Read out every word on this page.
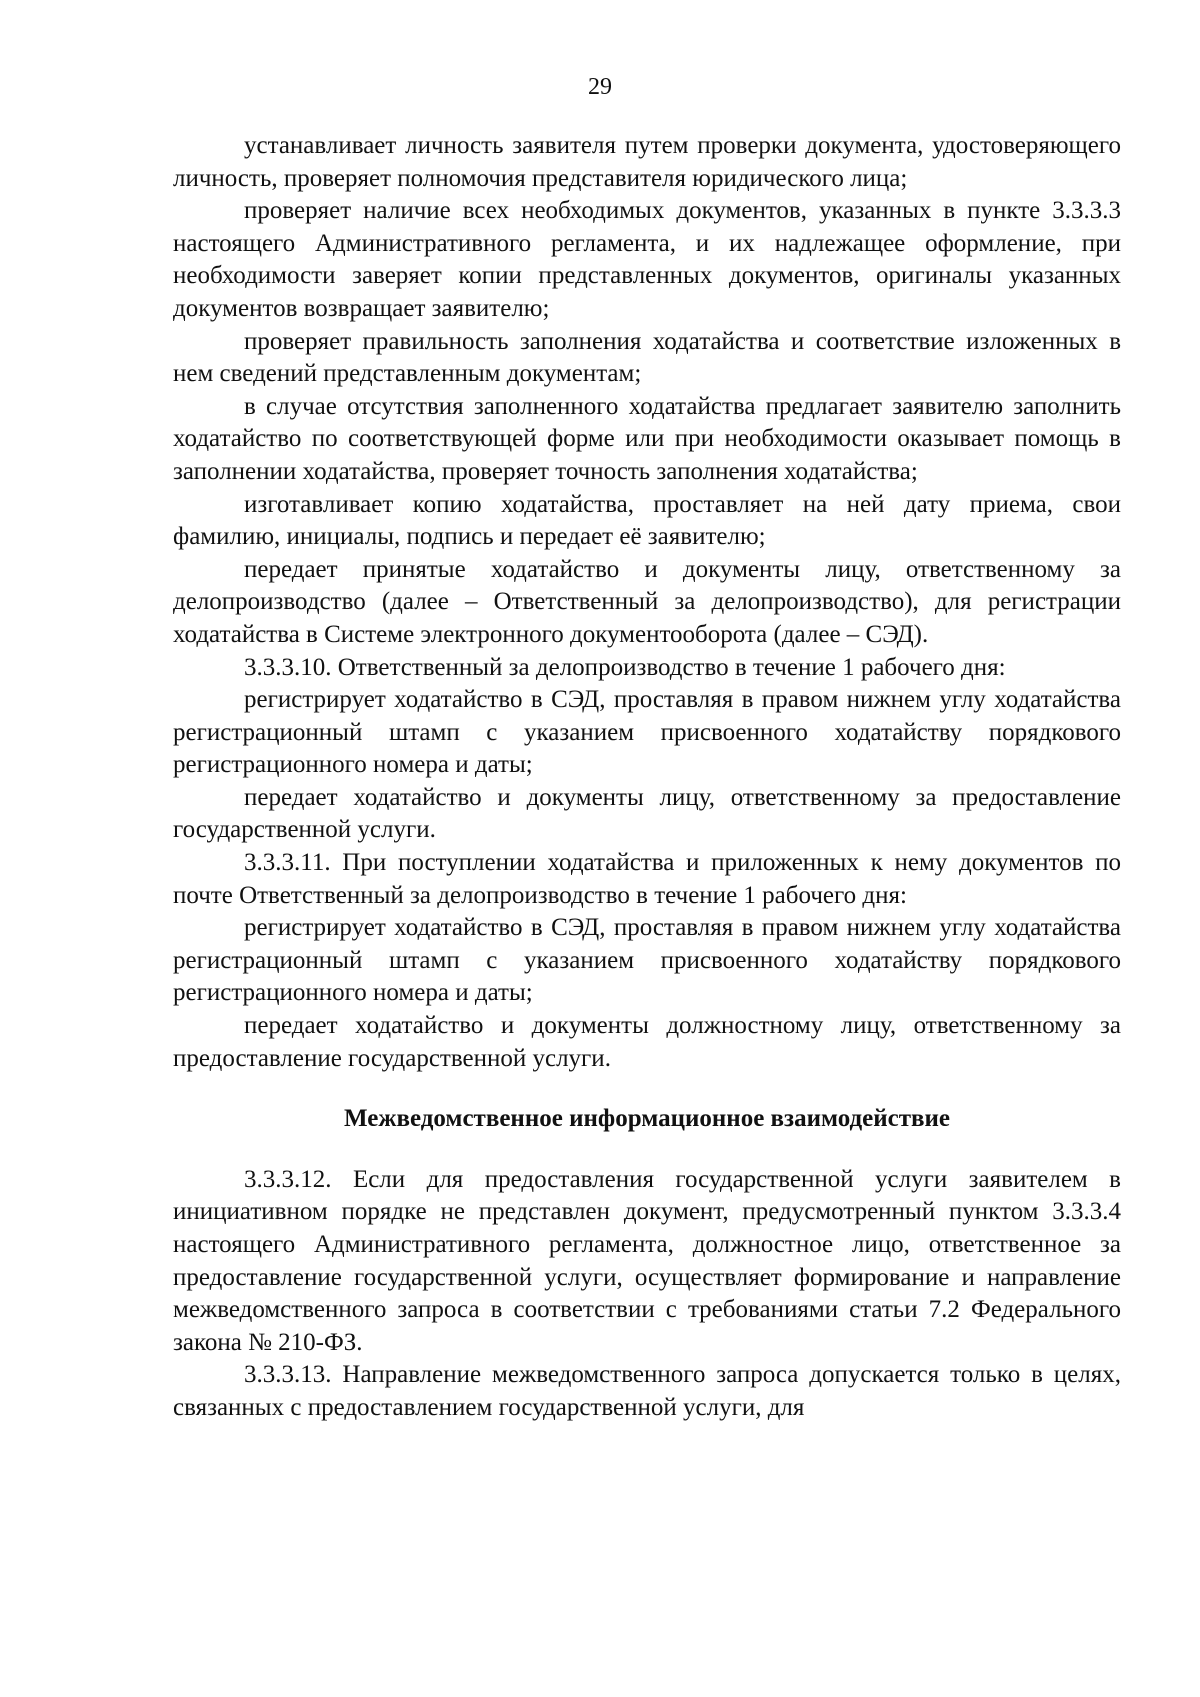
29

устанавливает личность заявителя путем проверки документа, удостоверяющего личность, проверяет полномочия представителя юридического лица;

проверяет наличие всех необходимых документов, указанных в пункте 3.3.3.3 настоящего Административного регламента, и их надлежащее оформление, при необходимости заверяет копии представленных документов, оригиналы указанных документов возвращает заявителю;

проверяет правильность заполнения ходатайства и соответствие изложенных в нем сведений представленным документам;

в случае отсутствия заполненного ходатайства предлагает заявителю заполнить ходатайство по соответствующей форме или при необходимости оказывает помощь в заполнении ходатайства, проверяет точность заполнения ходатайства;

изготавливает копию ходатайства, проставляет на ней дату приема, свои фамилию, инициалы, подпись и передает её заявителю;

передает принятые ходатайство и документы лицу, ответственному за делопроизводство (далее – Ответственный за делопроизводство), для регистрации ходатайства в Системе электронного документооборота (далее – СЭД).

3.3.3.10. Ответственный за делопроизводство в течение 1 рабочего дня:

регистрирует ходатайство в СЭД, проставляя в правом нижнем углу ходатайства регистрационный штамп с указанием присвоенного ходатайству порядкового регистрационного номера и даты;

передает ходатайство и документы лицу, ответственному за предоставление государственной услуги.

3.3.3.11. При поступлении ходатайства и приложенных к нему документов по почте Ответственный за делопроизводство в течение 1 рабочего дня:

регистрирует ходатайство в СЭД, проставляя в правом нижнем углу ходатайства регистрационный штамп с указанием присвоенного ходатайству порядкового регистрационного номера и даты;

передает ходатайство и документы должностному лицу, ответственному за предоставление государственной услуги.

Межведомственное информационное взаимодействие

3.3.3.12. Если для предоставления государственной услуги заявителем в инициативном порядке не представлен документ, предусмотренный пунктом 3.3.3.4 настоящего Административного регламента, должностное лицо, ответственное за предоставление государственной услуги, осуществляет формирование и направление межведомственного запроса в соответствии с требованиями статьи 7.2 Федерального закона № 210-ФЗ.

3.3.3.13. Направление межведомственного запроса допускается только в целях, связанных с предоставлением государственной услуги, для
